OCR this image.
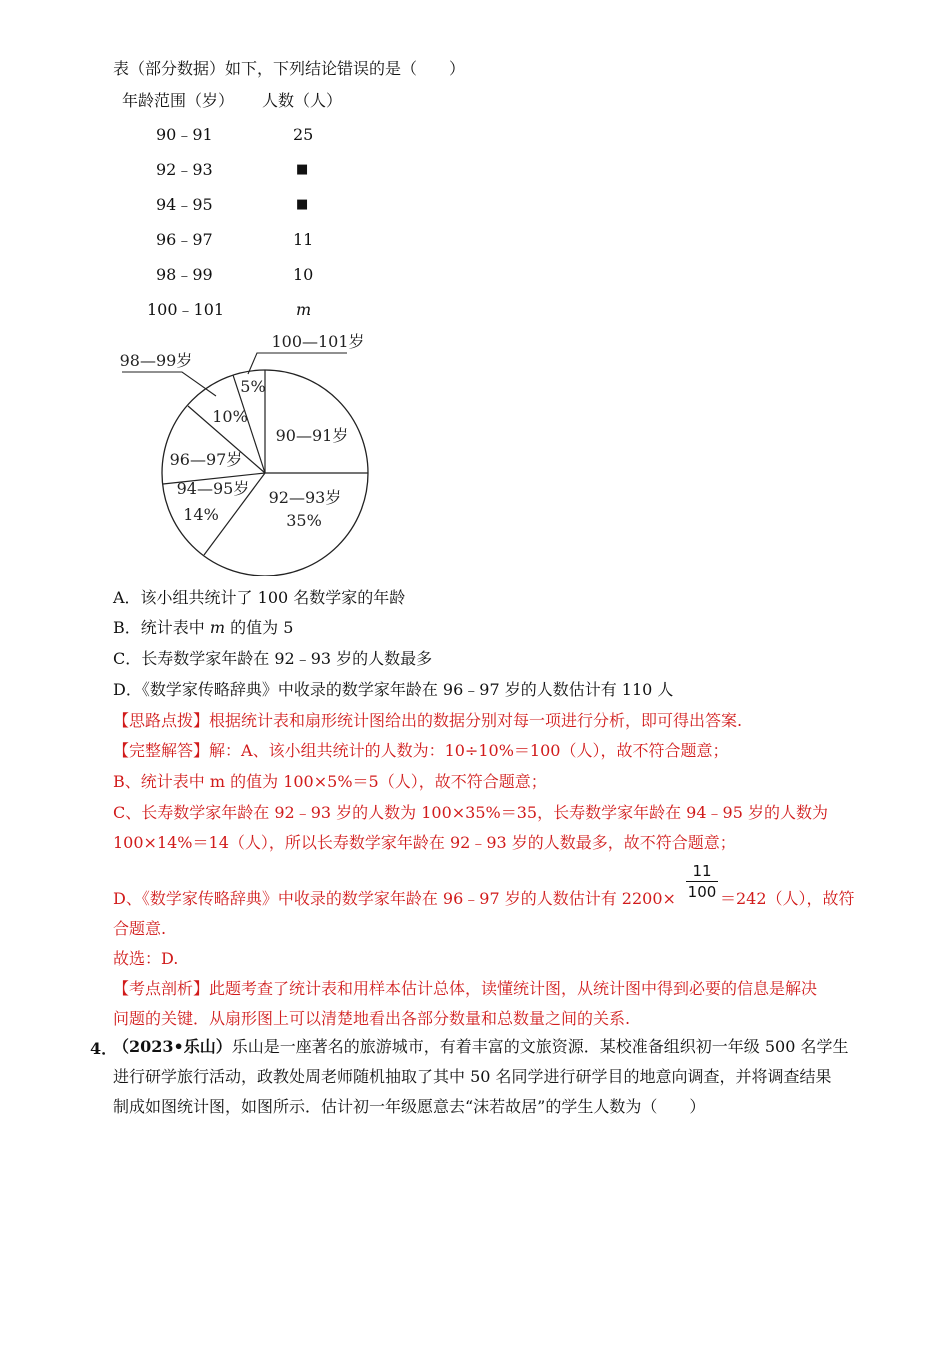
表（部分数据）如下，下列结论错误的是（　　）
年龄范围（岁） 人数（人）
90﹣91	25
92﹣93	■
94﹣95	■
96﹣97	11
98﹣99	10
100﹣101	m
90—91岁
92—93岁
35%
94—95岁
14%
96—97岁
98—99岁
10%
100—101岁
5%
A．该小组共统计了 100 名数学家的年龄
B．统计表中 m 的值为 5
C．长寿数学家年龄在 92﹣93 岁的人数最多
D．《数学家传略辞典》中收录的数学家年龄在 96﹣97 岁的人数估计有 110 人
【思路点拨】根据统计表和扇形统计图给出的数据分别对每一项进行分析，即可得出答案.
【完整解答】解：A、该小组共统计的人数为：10÷10%＝100（人），故不符合题意；
B、统计表中 m 的值为 100×5%＝5（人），故不符合题意；
C、长寿数学家年龄在 92﹣93 岁的人数为 100×35%＝35，长寿数学家年龄在 94﹣95 岁的人数为
100×14%＝14（人），所以长寿数学家年龄在 92﹣93 岁的人数最多，故不符合题意；
D、《数学家传略辞典》中收录的数学家年龄在 96﹣97 岁的人数估计有 2200×
11
100 ＝242（人），故符
合题意.
故选：D.
【考点剖析】此题考查了统计表和用样本估计总体，读懂统计图，从统计图中得到必要的信息是解决
问题的关键．从扇形图上可以清楚地看出各部分数量和总数量之间的关系.
4．
（2023•乐山）乐山是一座著名的旅游城市，有着丰富的文旅资源．某校准备组织初一年级 500 名学生
进行研学旅行活动，政教处周老师随机抽取了其中 50 名同学进行研学目的地意向调查，并将调查结果
制成如图统计图，如图所示．估计初一年级愿意去“沫若故居”的学生人数为（　　）
